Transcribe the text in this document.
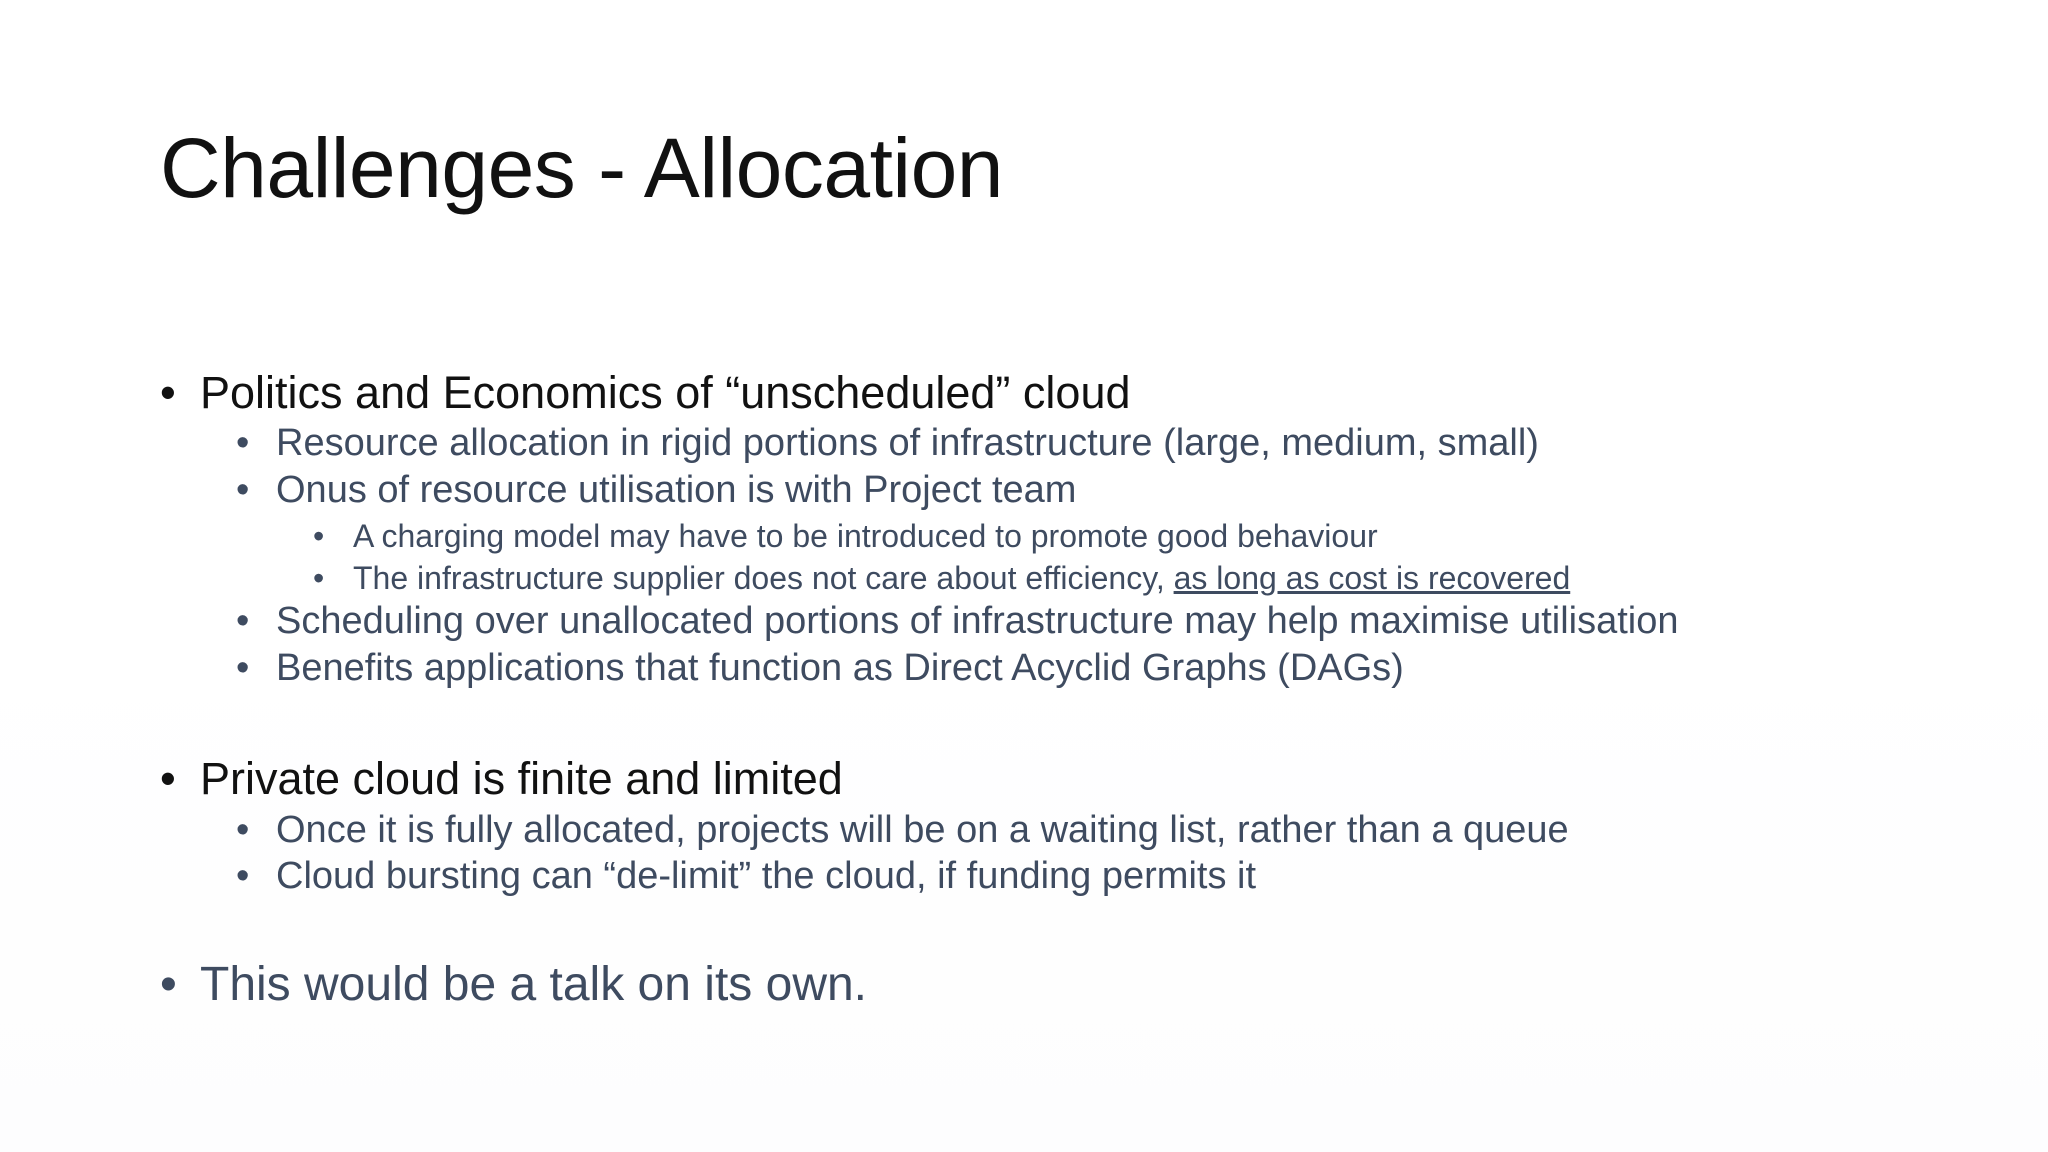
Challenges - Allocation
• Politics and Economics of “unscheduled” cloud
• Resource allocation in rigid portions of infrastructure (large, medium, small)
• Onus of resource utilisation is with Project team
• A charging model may have to be introduced to promote good behaviour
• The infrastructure supplier does not care about efficiency, as long as cost is recovered
• Scheduling over unallocated portions of infrastructure may help maximise utilisation
• Benefits applications that function as Direct Acyclid Graphs (DAGs)
• Private cloud is finite and limited
• Once it is fully allocated, projects will be on a waiting list, rather than a queue
• Cloud bursting can “de-limit” the cloud, if funding permits it
• This would be a talk on its own.
